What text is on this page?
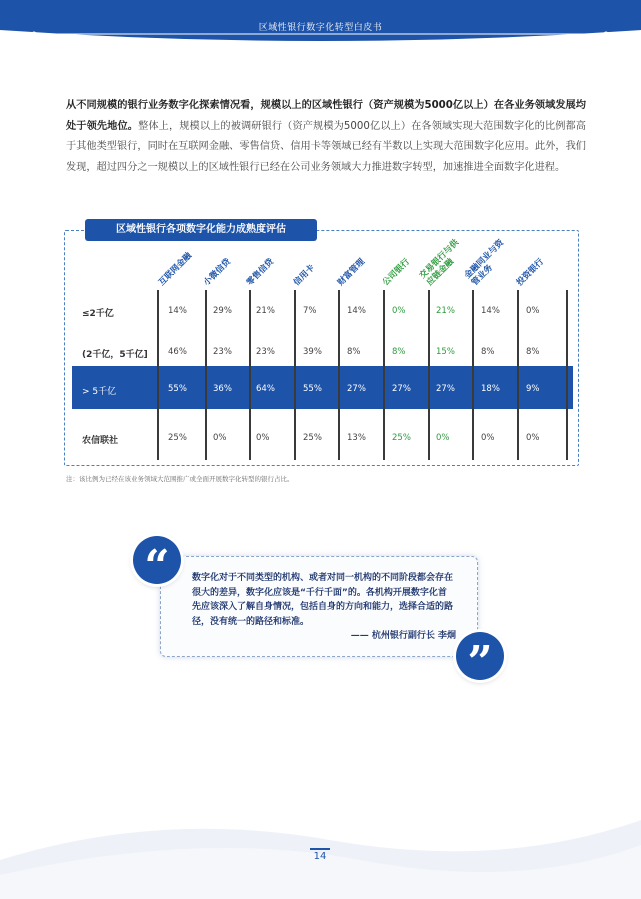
区域性银行数字化转型白皮书
从不同规模的银行业务数字化探索情况看，规模以上的区域性银行（资产规模为5000亿以上）在各业务领域发展均处于领先地位。整体上，规模以上的被调研银行（资产规模为5000亿以上）在各领域实现大范围数字化的比例都高于其他类型银行，同时在互联网金融、零售信贷、信用卡等领域已经有半数以上实现大范围数字化应用。此外，我们发现，超过四分之一规模以上的区域性银行已经在公司业务领域大力推进数字转型，加速推进全面数字化进程。
区域性银行各项数字化能力成熟度评估
互联网金融 小微信贷 零售信贷 信用卡 财富管理 公司银行 交易银行与供应链金融 金融同业与资管业务	投资银行
≤2千亿	14%	29%	21%	7%	14%	0%	21%	14%	0%
(2千亿，5千亿] 46%	23%	23%	39%	8%	8%	15%	8%	8%
> 5千亿	55%	36%	64%	55%	27%	27%	27%	18%	9%
农信联社	25%	0%	0%	25%	13%	25%	0%	0%	0%
注：该比例为已经在该业务领域大范围推广或全面开展数字化转型的银行占比。
“
”
数字化对于不同类型的机构、或者对同一机构的不同阶段都会存在很大的差异，数字化应该是“千行千面”的。各机构开展数字化首先应该深入了解自身情况，包括自身的方向和能力，选择合适的路径，没有统一的路径和标准。
—— 杭州银行副行长 李炯
14
